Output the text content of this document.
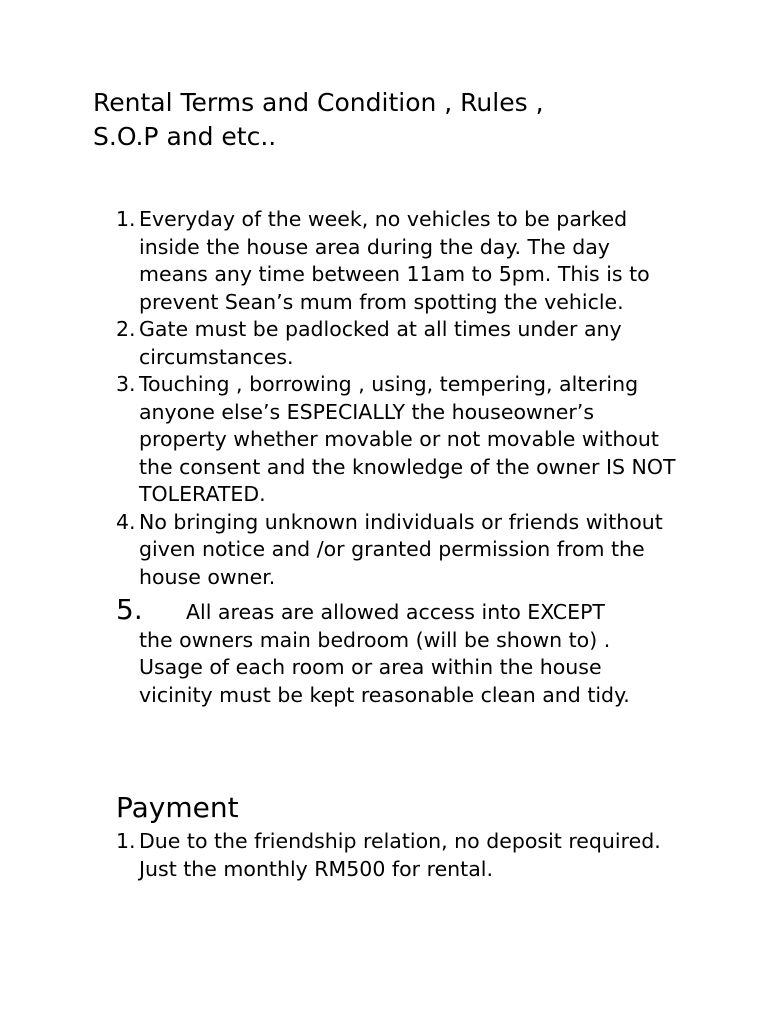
Rental Terms and Condition , Rules ,
S.O.P and etc..
1. Everyday of the week, no vehicles to be parked inside the house area during the day. The day means any time between 11am to 5pm. This is to prevent Sean’s mum from spotting the vehicle.
2. Gate must be padlocked at all times under any circumstances.
3. Touching , borrowing , using, tempering, altering anyone else’s ESPECIALLY the houseowner’s property whether movable or not movable without the consent and the knowledge of the owner IS NOT TOLERATED.
4. No bringing unknown individuals or friends without given notice and /or granted permission from the house owner.
5.	All areas are allowed access into EXCEPT
the owners main bedroom (will be shown to) . Usage of each room or area within the house vicinity must be kept reasonable clean and tidy.
Payment
1. Due to the friendship relation, no deposit required. Just the monthly RM500 for rental.
